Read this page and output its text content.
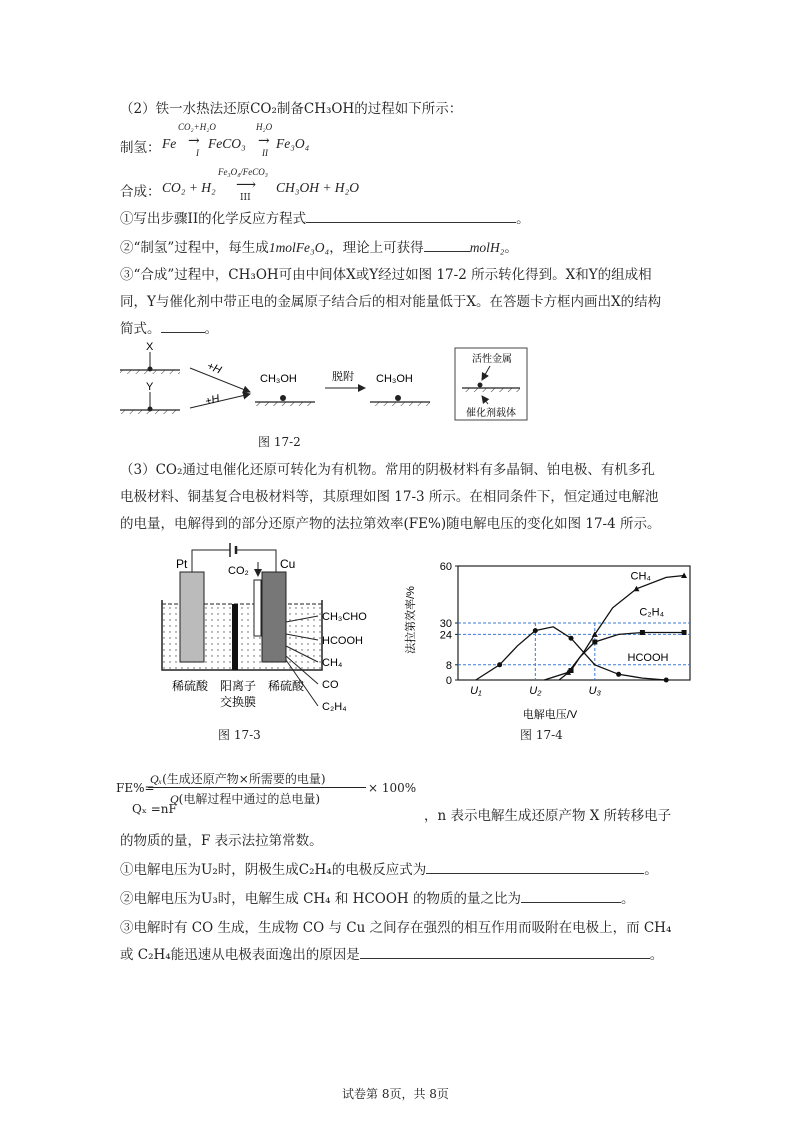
（2）铁一水热法还原CO₂制备CH₃OH的过程如下所示：
制氢： Fe
CO₂+H₂O
→
I
FeCO₃
H₂O
→
II
Fe₃O₄
合成： CO₂ + H₂
Fe₃O₄/FeCO₃
⟶
III
CH₃OH + H₂O
①写出步骤II的化学反应方程式	。
②“制氢”过程中，每生成1molFe₃O₄，理论上可获得	molH₂。
③“合成”过程中，CH₃OH可由中间体X或Y经过如图 17-2 所示转化得到。X和Y的组成相
同，Y与催化剂中带正电的金属原子结合后的相对能量低于X。在答题卡方框内画出X的结构
简式。	。
X
Y
+H
+H
CH₃OH	脱附 CH₃OH
活性金属
催化剂载体
图 17-2
（3）CO₂通过电催化还原可转化为有机物。常用的阴极材料有多晶铜、铂电极、有机多孔
电极材料、铜基复合电极材料等，其原理如图 17-3 所示。在相同条件下，恒定通过电解池
的电量，电解得到的部分还原产物的法拉第效率(FE%)随电解电压的变化如图 17-4 所示。
Pt	Cu
CO₂
CH₃CHO
HCOOH
CH₄
CO
C₂H₄
稀硫酸 阳离子
交换膜
稀硫酸
图 17-3
法拉第效率/%
电解电压/V
0
8
24
30
60
U₁	U₂	U₃
CH₄
C₂H₄
HCOOH
图 17-4
FE%=
Qₓ(生成还原产物×所需要的电量)
Q(电解过程中通过的总电量)
× 100%
Qₓ =nF	，n 表示电解生成还原产物 X 所转移电子
的物质的量，F 表示法拉第常数。
①电解电压为U₂时，阴极生成C₂H₄的电极反应式为	。
②电解电压为U₃时，电解生成 CH₄ 和 HCOOH 的物质的量之比为	。
③电解时有 CO 生成，生成物 CO 与 Cu 之间存在强烈的相互作用而吸附在电极上，而 CH₄
或 C₂H₄能迅速从电极表面逸出的原因是	。
试卷第 8页，共 8页
